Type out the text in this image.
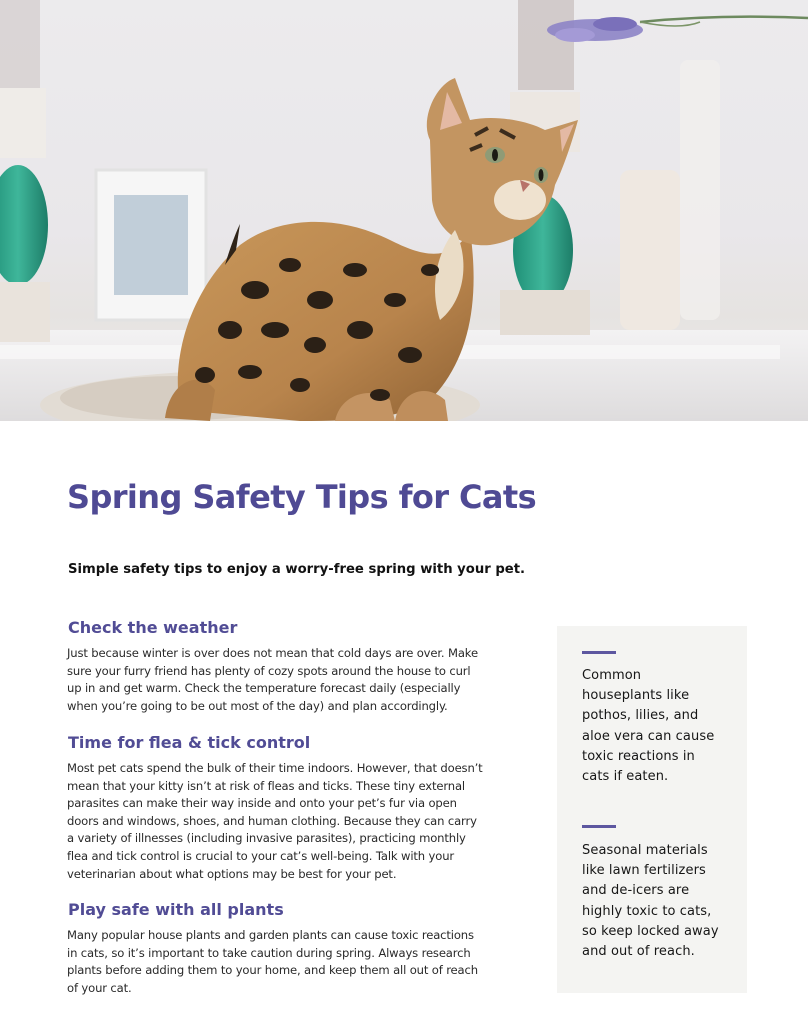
Spring Safety Tips for Cats

Simple safety tips to enjoy a worry-free spring with your pet.

Check the weather
Just because winter is over does not mean that cold days are over. Make
sure your furry friend has plenty of cozy spots around the house to curl
up in and get warm. Check the temperature forecast daily (especially
when you’re going to be out most of the day) and plan accordingly.
Time for flea & tick control
Most pet cats spend the bulk of their time indoors. However, that doesn’t
mean that your kitty isn’t at risk of fleas and ticks. These tiny external
parasites can make their way inside and onto your pet’s fur via open
doors and windows, shoes, and human clothing. Because they can carry
a variety of illnesses (including invasive parasites), practicing monthly
flea and tick control is crucial to your cat’s well-being. Talk with your
veterinarian about what options may be best for your pet.
Play safe with all plants
Many popular house plants and garden plants can cause toxic reactions
in cats, so it’s important to take caution during spring. Always research
plants before adding them to your home, and keep them all out of reach
of your cat.

Common
houseplants like
pothos, lilies, and
aloe vera can cause
toxic reactions in
cats if eaten.

Seasonal materials
like lawn fertilizers
and de-icers are
highly toxic to cats,
so keep locked away
and out of reach.
